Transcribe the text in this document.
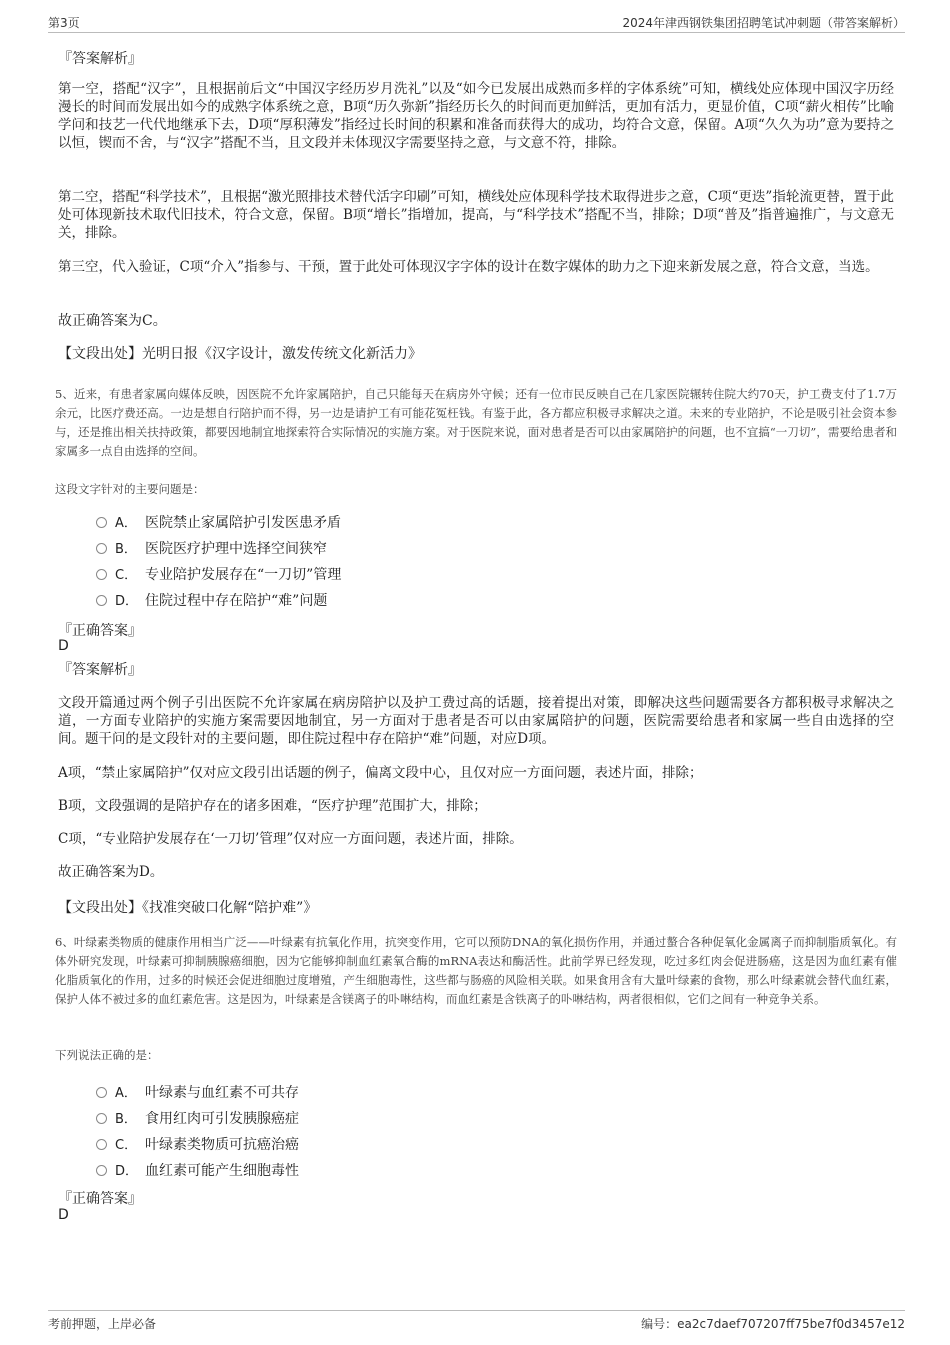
第3页	2024年津西钢铁集团招聘笔试冲刺题（带答案解析）
『答案解析』
第一空，搭配“汉字”，且根据前后文“中国汉字经历岁月洗礼”以及“如今已发展出成熟而多样的字体系统”可知，横线处应体现中国汉字历经漫长的时间而发展出如今的成熟字体系统之意，B项“历久弥新”指经历长久的时间而更加鲜活，更加有活力，更显价值，C项“薪火相传”比喻学问和技艺一代代地继承下去，D项“厚积薄发”指经过长时间的积累和准备而获得大的成功，均符合文意，保留。A项“久久为功”意为要持之以恒，锲而不舍，与“汉字”搭配不当，且文段并未体现汉字需要坚持之意，与文意不符，排除。
第二空，搭配“科学技术”，且根据“激光照排技术替代活字印刷”可知，横线处应体现科学技术取得进步之意，C项“更迭”指轮流更替，置于此处可体现新技术取代旧技术，符合文意，保留。B项“增长”指增加，提高，与“科学技术”搭配不当，排除；D项“普及”指普遍推广，与文意无关，排除。
第三空，代入验证，C项“介入”指参与、干预，置于此处可体现汉字字体的设计在数字媒体的助力之下迎来新发展之意，符合文意，当选。
故正确答案为C。
【文段出处】光明日报《汉字设计，激发传统文化新活力》
5、近来，有患者家属向媒体反映，因医院不允许家属陪护，自己只能每天在病房外守候；还有一位市民反映自己在几家医院辗转住院大约70天，护工费支付了1.7万余元，比医疗费还高。一边是想自行陪护而不得，另一边是请护工有可能花冤枉钱。有鉴于此，各方都应积极寻求解决之道。未来的专业陪护，不论是吸引社会资本参与，还是推出相关扶持政策，都要因地制宜地探索符合实际情况的实施方案。对于医院来说，面对患者是否可以由家属陪护的问题，也不宜搞“一刀切”，需要给患者和家属多一点自由选择的空间。
这段文字针对的主要问题是：
A． 医院禁止家属陪护引发医患矛盾
B． 医院医疗护理中选择空间狭窄
C． 专业陪护发展存在“一刀切”管理
D． 住院过程中存在陪护“难”问题
『正确答案』
D
『答案解析』
文段开篇通过两个例子引出医院不允许家属在病房陪护以及护工费过高的话题，接着提出对策，即解决这些问题需要各方都积极寻求解决之道，一方面专业陪护的实施方案需要因地制宜，另一方面对于患者是否可以由家属陪护的问题，医院需要给患者和家属一些自由选择的空间。题干问的是文段针对的主要问题，即住院过程中存在陪护“难”问题，对应D项。
A项，“禁止家属陪护”仅对应文段引出话题的例子，偏离文段中心，且仅对应一方面问题，表述片面，排除；
B项，文段强调的是陪护存在的诸多困难，“医疗护理”范围扩大，排除；
C项，“专业陪护发展存在‘一刀切’管理”仅对应一方面问题，表述片面，排除。
故正确答案为D。
【文段出处】《找准突破口化解“陪护难”》
6、叶绿素类物质的健康作用相当广泛——叶绿素有抗氧化作用，抗突变作用，它可以预防DNA的氧化损伤作用，并通过螯合各种促氧化金属离子而抑制脂质氧化。有体外研究发现，叶绿素可抑制胰腺癌细胞，因为它能够抑制血红素氧合酶的mRNA表达和酶活性。此前学界已经发现，吃过多红肉会促进肠癌，这是因为血红素有催化脂质氧化的作用，过多的时候还会促进细胞过度增殖，产生细胞毒性，这些都与肠癌的风险相关联。如果食用含有大量叶绿素的食物，那么叶绿素就会替代血红素，保护人体不被过多的血红素危害。这是因为，叶绿素是含镁离子的卟啉结构，而血红素是含铁离子的卟啉结构，两者很相似，它们之间有一种竞争关系。
下列说法正确的是：
A． 叶绿素与血红素不可共存
B． 食用红肉可引发胰腺癌症
C． 叶绿素类物质可抗癌治癌
D． 血红素可能产生细胞毒性
『正确答案』
D
考前押题，上岸必备	编号：ea2c7daef707207ff75be7f0d3457e12
